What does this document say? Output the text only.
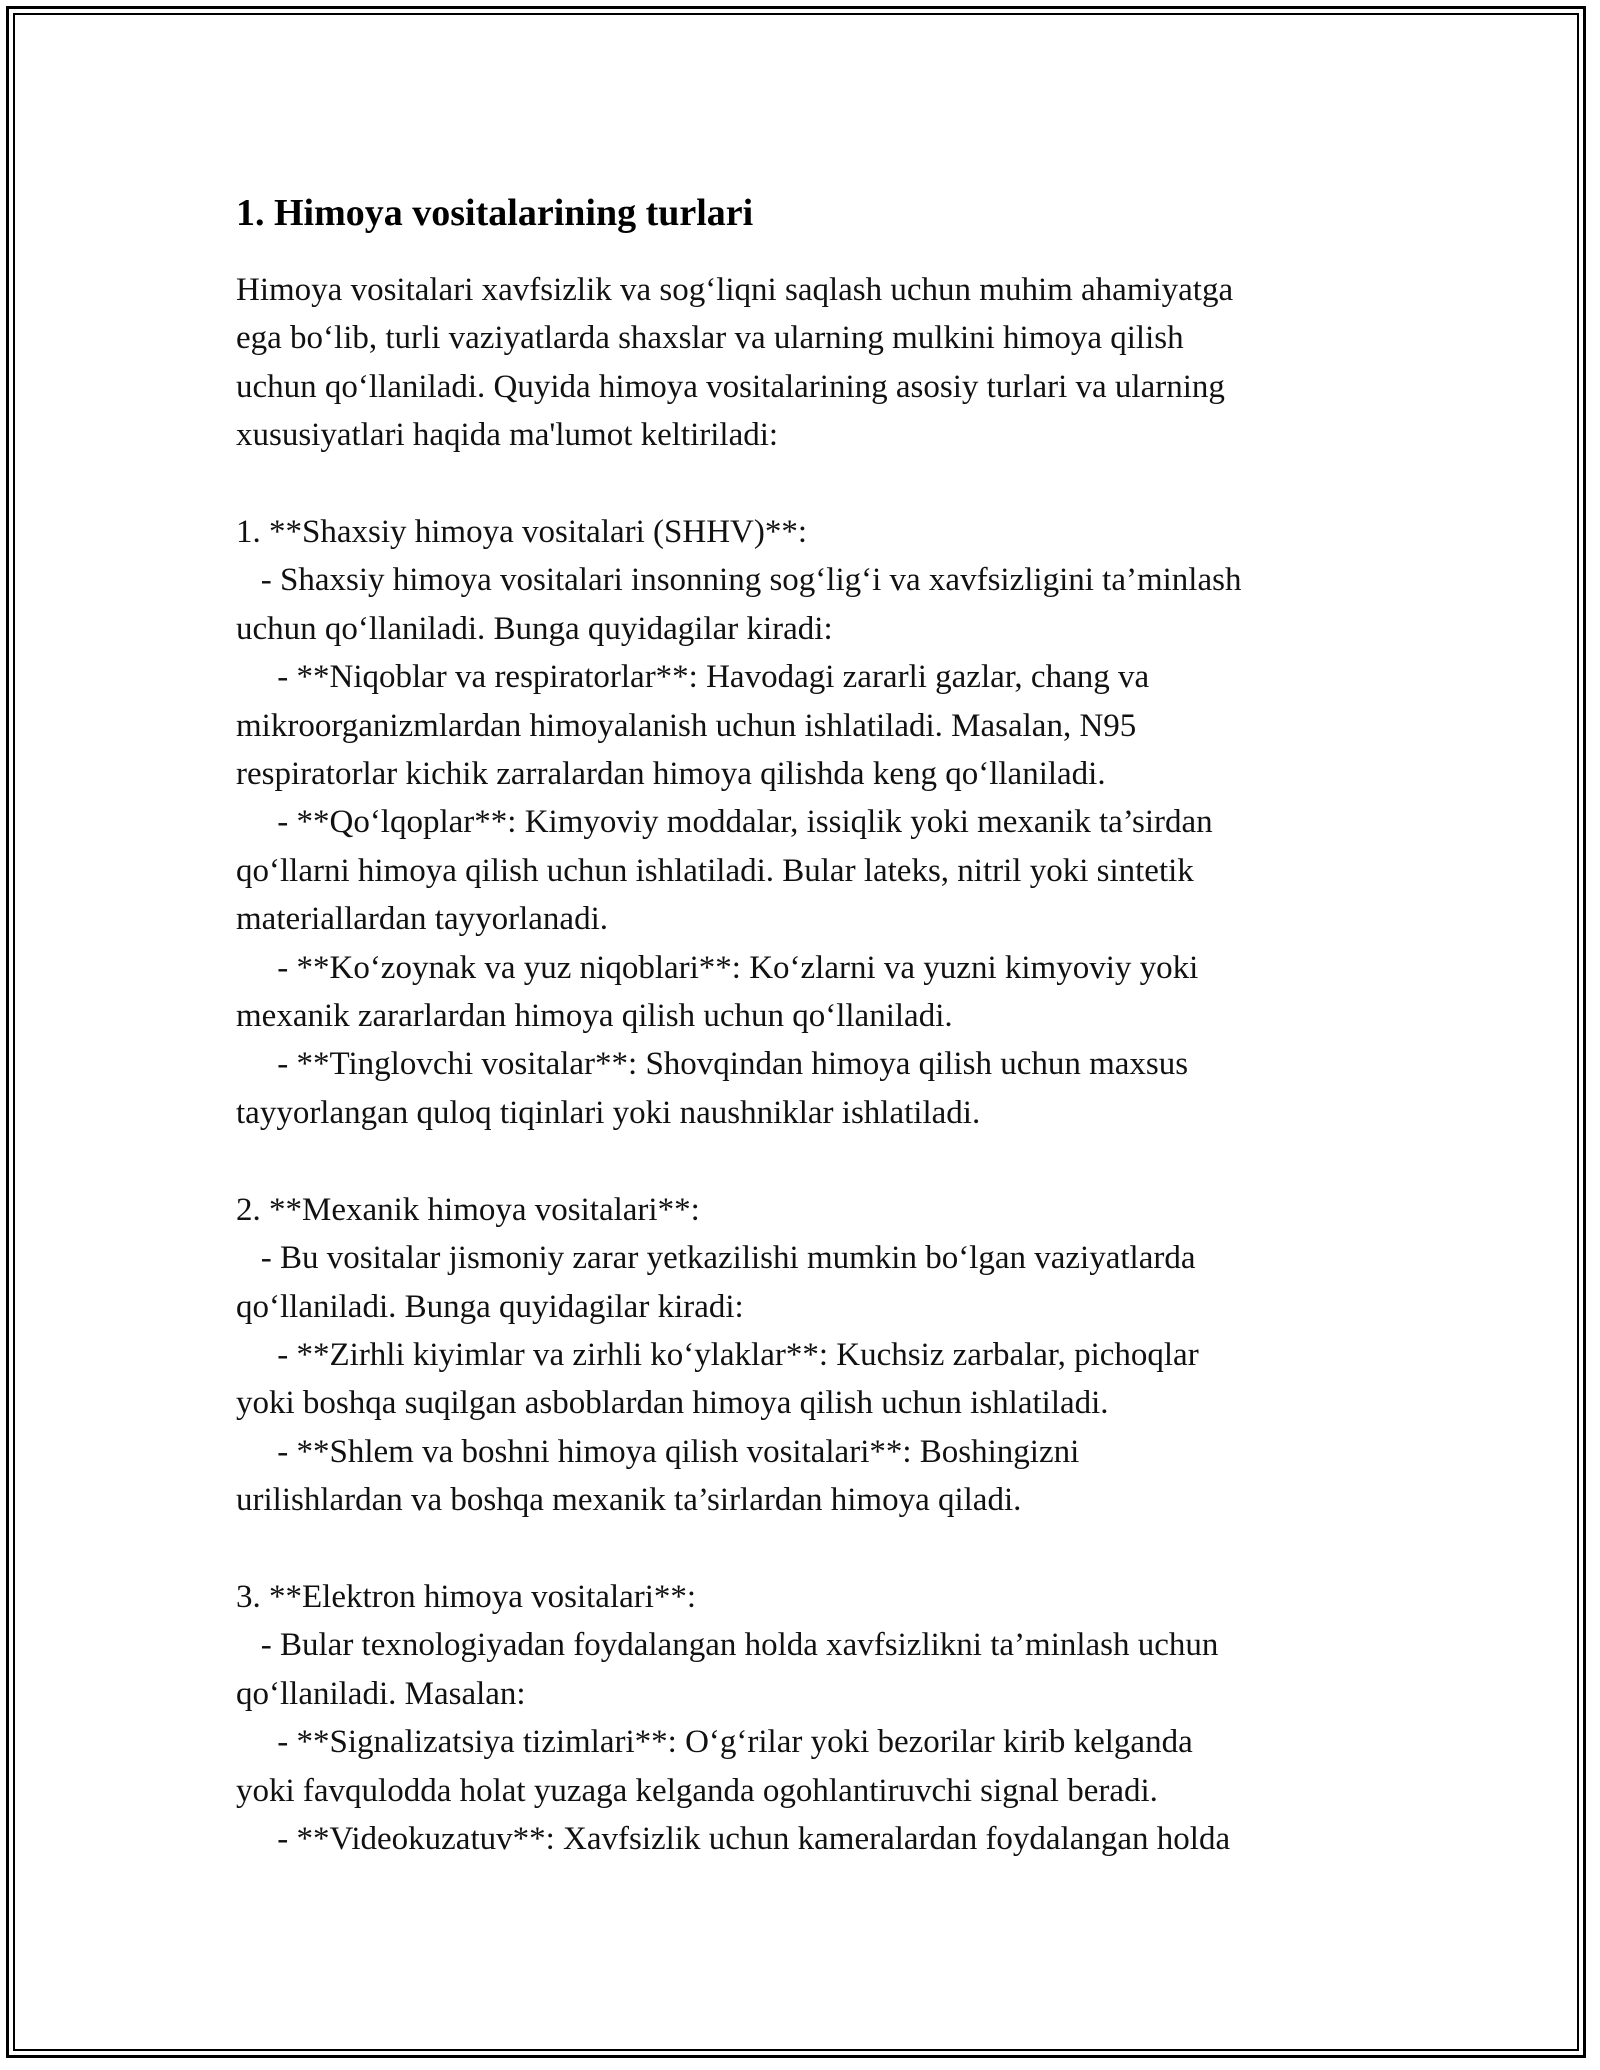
1. Himoya vositalarining turlari
Himoya vositalari xavfsizlik va sog‘liqni saqlash uchun muhim ahamiyatga
ega bo‘lib, turli vaziyatlarda shaxslar va ularning mulkini himoya qilish
uchun qo‘llaniladi. Quyida himoya vositalarining asosiy turlari va ularning
xususiyatlari haqida ma'lumot keltiriladi:
1. **Shaxsiy himoya vositalari (SHHV)**:
- Shaxsiy himoya vositalari insonning sog‘lig‘i va xavfsizligini ta’minlash
uchun qo‘llaniladi. Bunga quyidagilar kiradi:
- **Niqoblar va respiratorlar**: Havodagi zararli gazlar, chang va
mikroorganizmlardan himoyalanish uchun ishlatiladi. Masalan, N95
respiratorlar kichik zarralardan himoya qilishda keng qo‘llaniladi.
- **Qo‘lqoplar**: Kimyoviy moddalar, issiqlik yoki mexanik ta’sirdan
qo‘llarni himoya qilish uchun ishlatiladi. Bular lateks, nitril yoki sintetik
materiallardan tayyorlanadi.
- **Ko‘zoynak va yuz niqoblari**: Ko‘zlarni va yuzni kimyoviy yoki
mexanik zararlardan himoya qilish uchun qo‘llaniladi.
- **Tinglovchi vositalar**: Shovqindan himoya qilish uchun maxsus
tayyorlangan quloq tiqinlari yoki naushniklar ishlatiladi.
2. **Mexanik himoya vositalari**:
- Bu vositalar jismoniy zarar yetkazilishi mumkin bo‘lgan vaziyatlarda
qo‘llaniladi. Bunga quyidagilar kiradi:
- **Zirhli kiyimlar va zirhli ko‘ylaklar**: Kuchsiz zarbalar, pichoqlar
yoki boshqa suqilgan asboblardan himoya qilish uchun ishlatiladi.
- **Shlem va boshni himoya qilish vositalari**: Boshingizni
urilishlardan va boshqa mexanik ta’sirlardan himoya qiladi.
3. **Elektron himoya vositalari**:
- Bular texnologiyadan foydalangan holda xavfsizlikni ta’minlash uchun
qo‘llaniladi. Masalan:
- **Signalizatsiya tizimlari**: O‘g‘rilar yoki bezorilar kirib kelganda
yoki favqulodda holat yuzaga kelganda ogohlantiruvchi signal beradi.
- **Videokuzatuv**: Xavfsizlik uchun kameralardan foydalangan holda
